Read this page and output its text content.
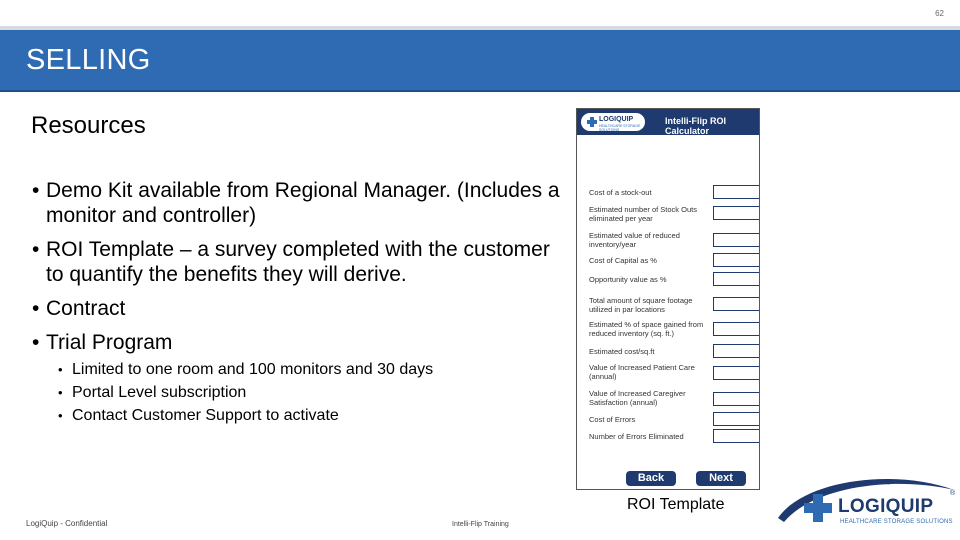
62
SELLING
Resources
• Demo Kit available from Regional Manager. (Includes a monitor and controller)
• ROI Template – a survey completed with the customer to quantify the benefits they will derive.
• Contract
• Trial Program
• Limited to one room and 100 monitors and 30 days
• Portal Level subscription
• Contact Customer Support to activate
LOGIQUIP
HEALTHCARE STORAGE SOLUTIONS
Intelli-Flip ROI Calculator
Cost of a stock-out
Estimated number of Stock Outs eliminated per year
Estimated value of reduced inventory/year
Cost of Capital as %
Opportunity value as %
Total amount of square footage utilized in par locations
Estimated % of space gained from reduced inventory (sq. ft.)
Estimated cost/sq.ft
Value of Increased Patient Care (annual)
Value of Increased Caregiver Satisfaction (annual)
Cost of Errors
Number of Errors Eliminated
Back	Next
ROI Template
LogiQuip - Confidential	Intelli-Flip Training
LOGIQUIP
HEALTHCARE STORAGE SOLUTIONS
®
